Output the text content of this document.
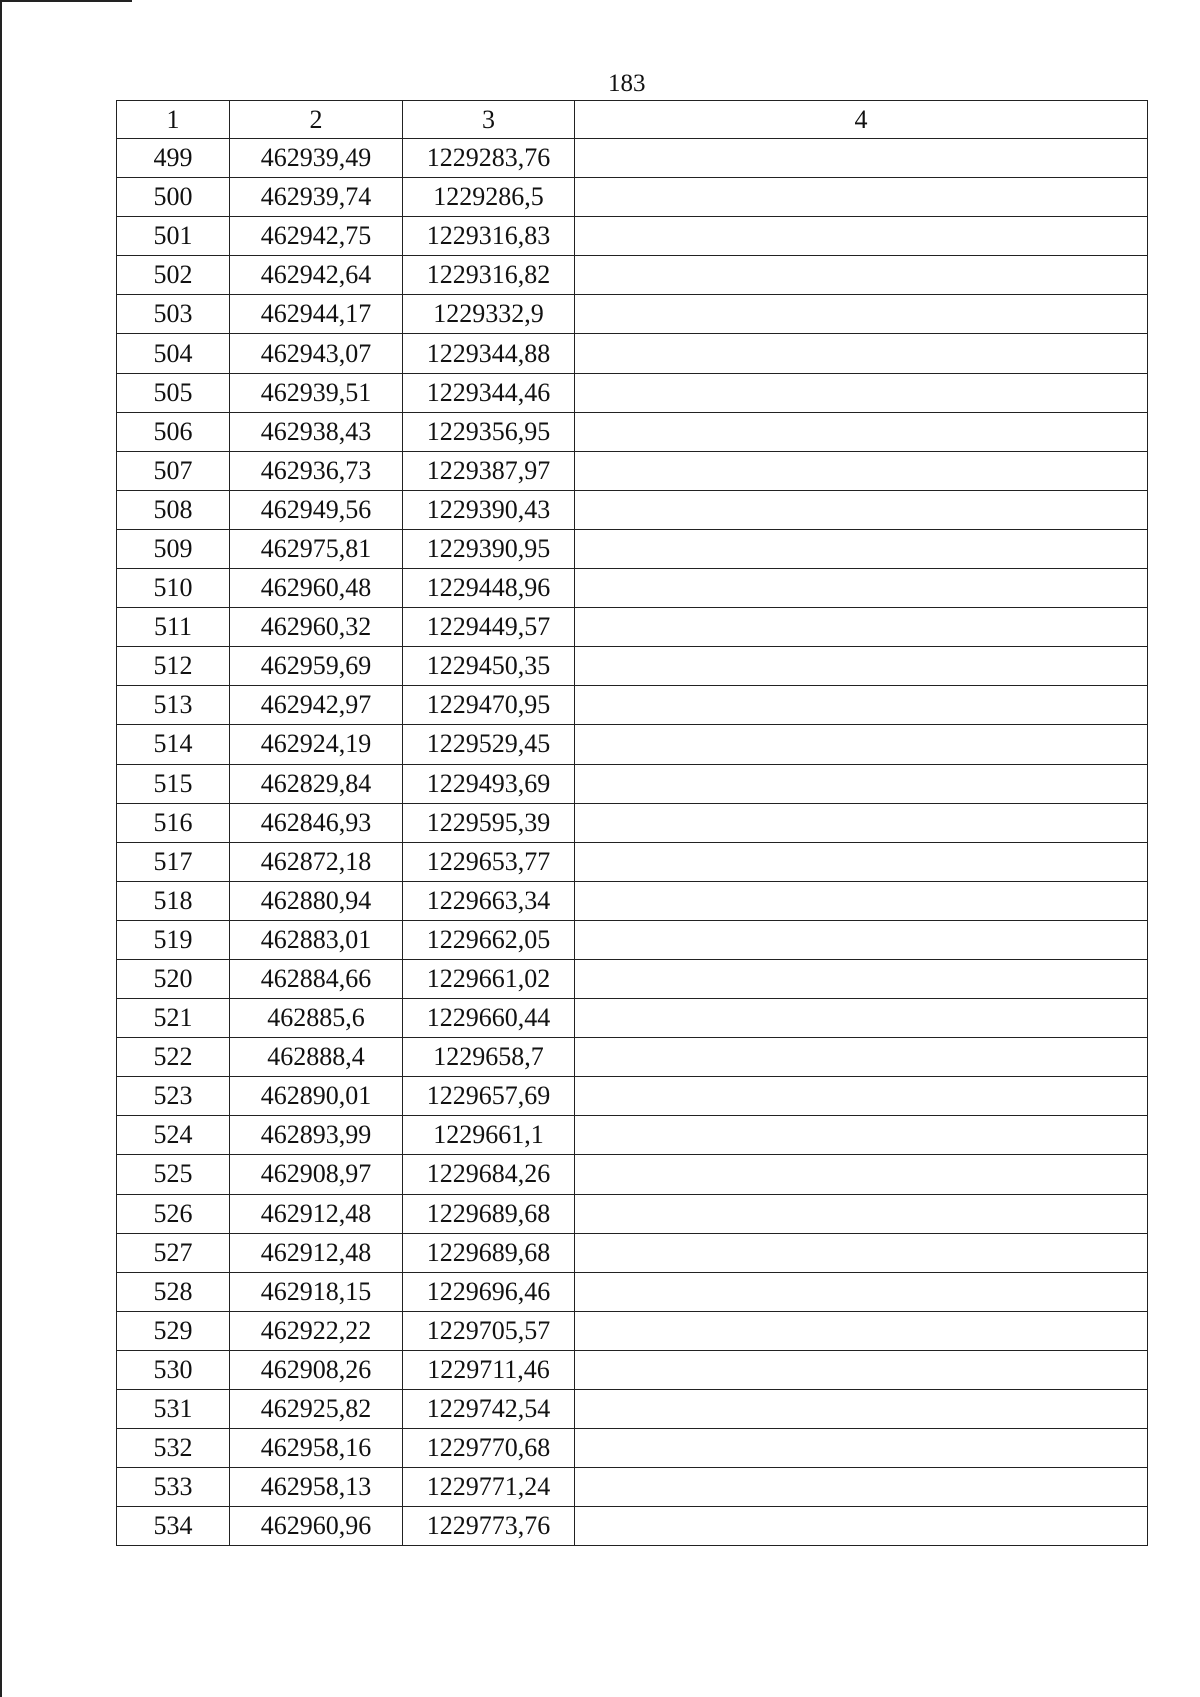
183
1	2	3	4
499	462939,49	1229283,76	
500	462939,74	1229286,5	
501	462942,75	1229316,83	
502	462942,64	1229316,82	
503	462944,17	1229332,9	
504	462943,07	1229344,88	
505	462939,51	1229344,46	
506	462938,43	1229356,95	
507	462936,73	1229387,97	
508	462949,56	1229390,43	
509	462975,81	1229390,95	
510	462960,48	1229448,96	
511	462960,32	1229449,57	
512	462959,69	1229450,35	
513	462942,97	1229470,95	
514	462924,19	1229529,45	
515	462829,84	1229493,69	
516	462846,93	1229595,39	
517	462872,18	1229653,77	
518	462880,94	1229663,34	
519	462883,01	1229662,05	
520	462884,66	1229661,02	
521	462885,6	1229660,44	
522	462888,4	1229658,7	
523	462890,01	1229657,69	
524	462893,99	1229661,1	
525	462908,97	1229684,26	
526	462912,48	1229689,68	
527	462912,48	1229689,68	
528	462918,15	1229696,46	
529	462922,22	1229705,57	
530	462908,26	1229711,46	
531	462925,82	1229742,54	
532	462958,16	1229770,68	
533	462958,13	1229771,24	
534	462960,96	1229773,76	
